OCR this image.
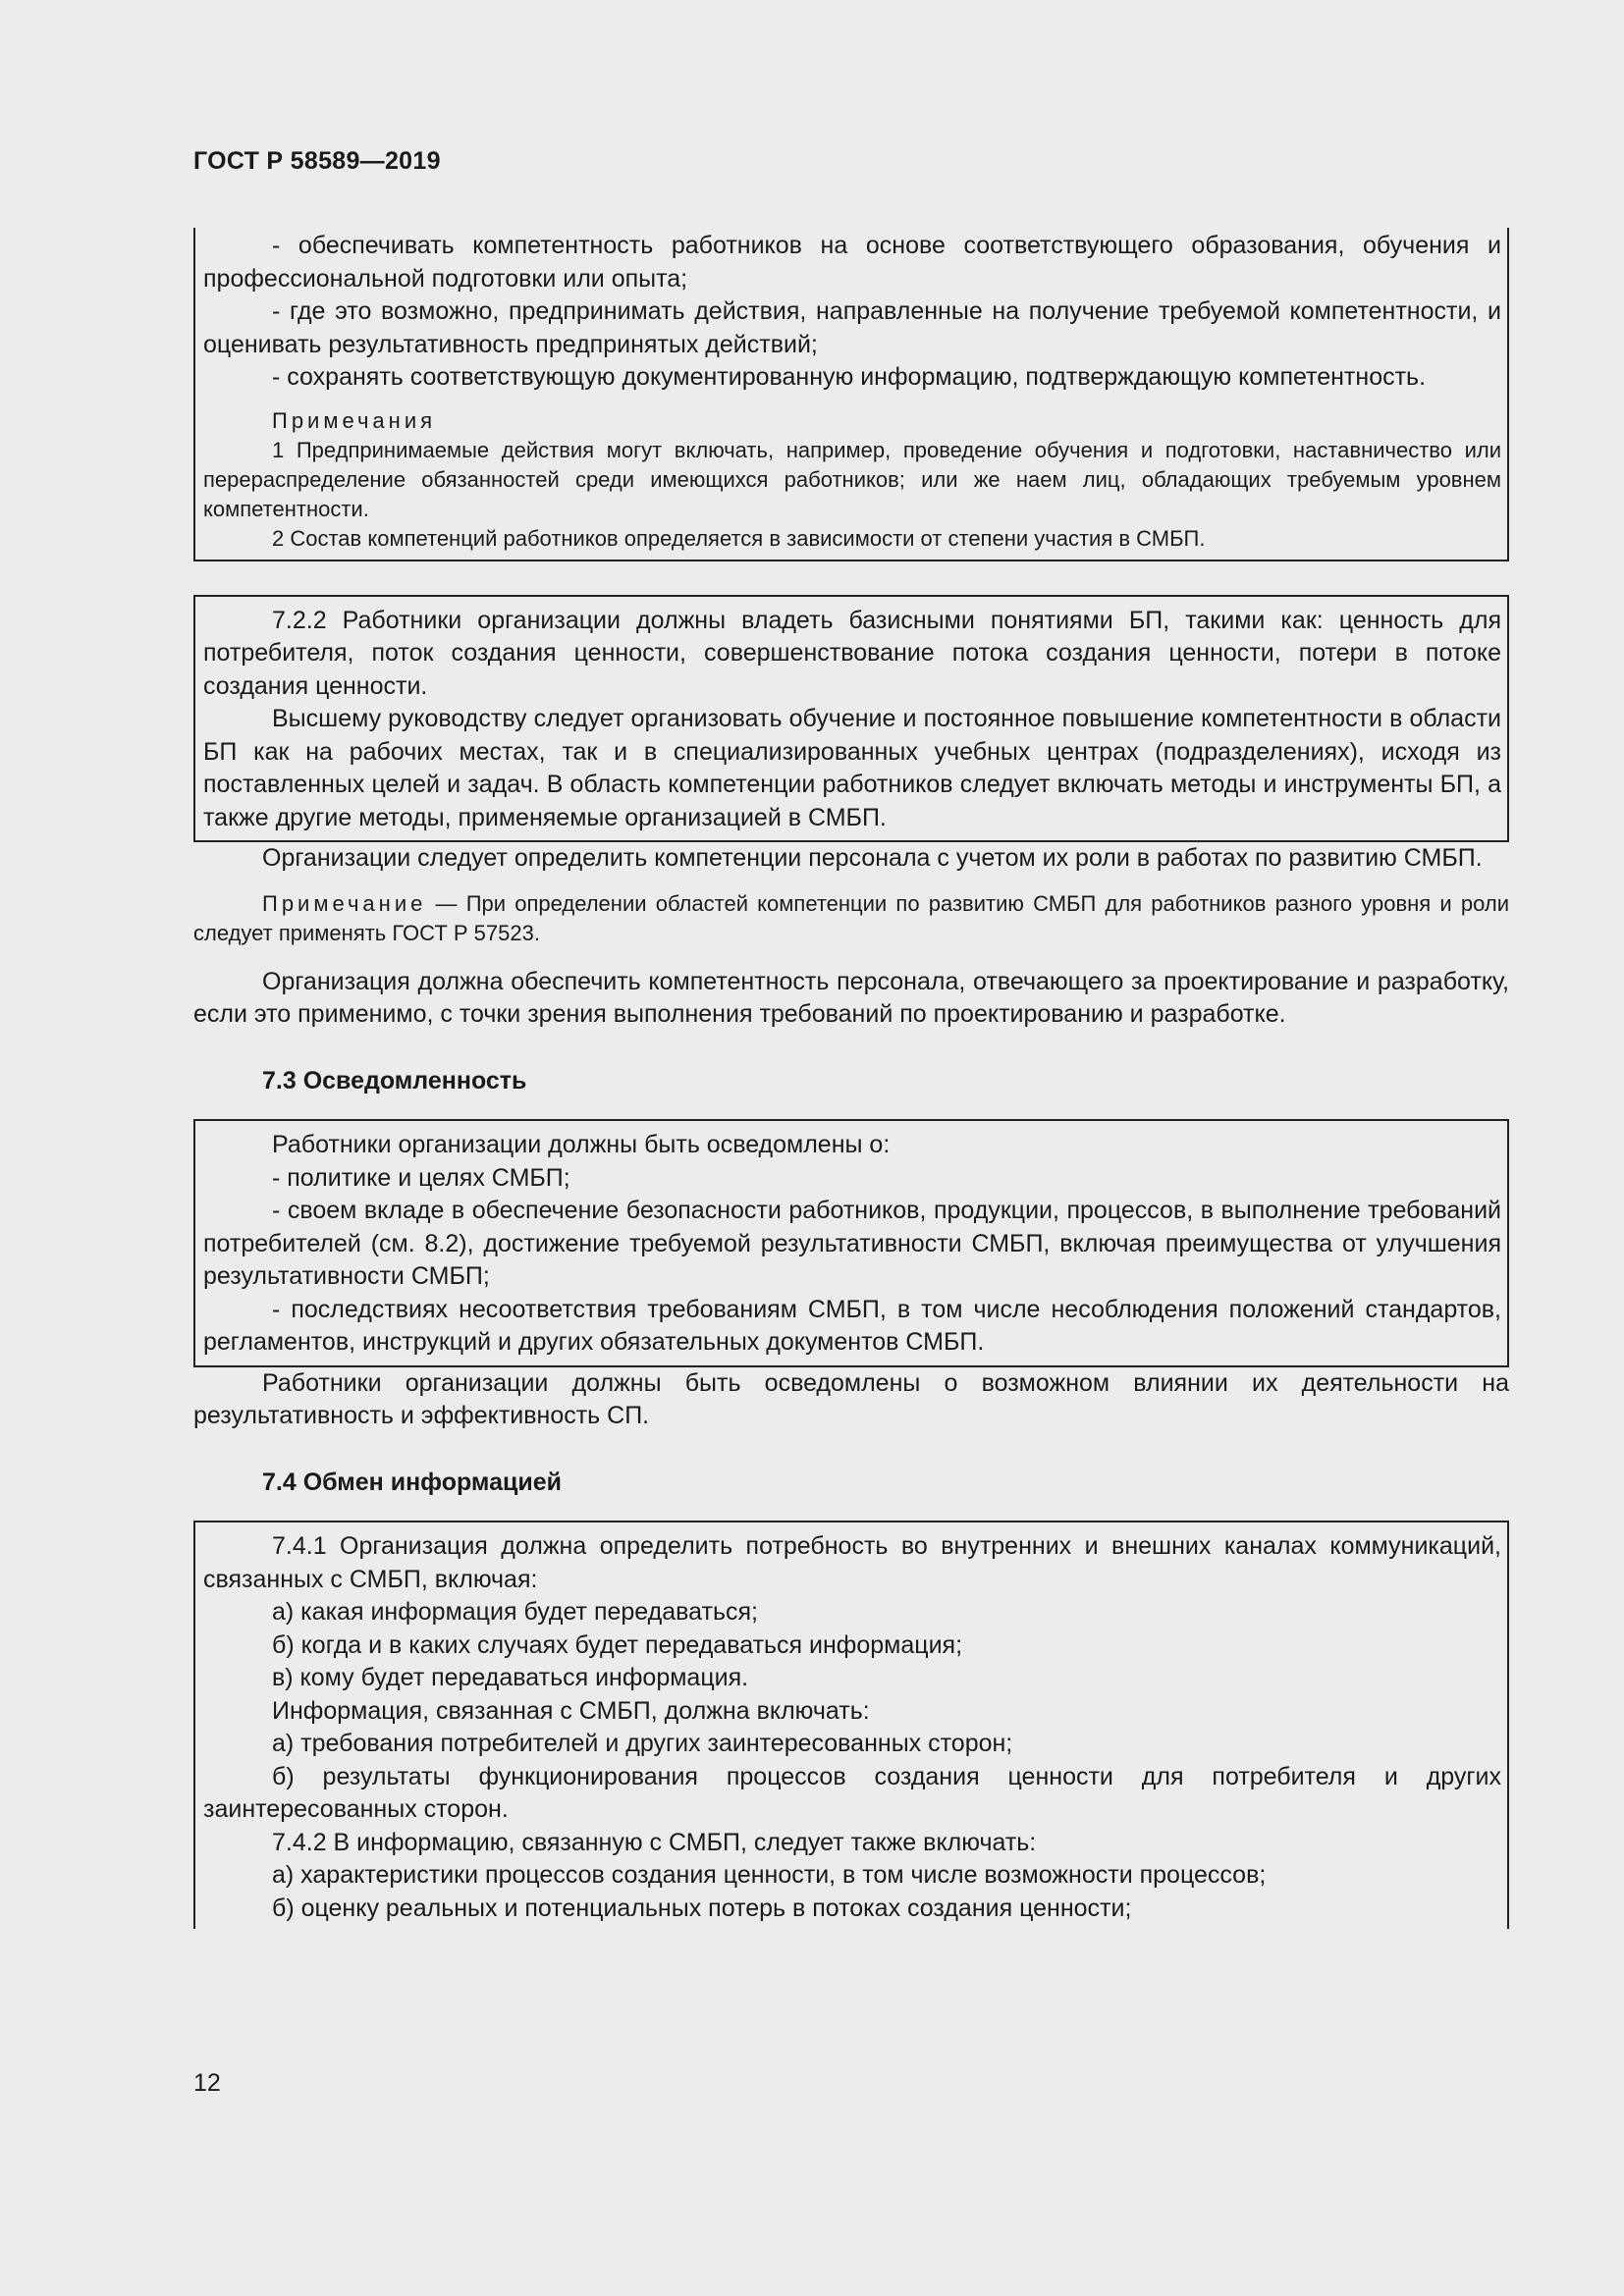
ГОСТ Р 58589—2019

- обеспечивать компетентность работников на основе соответствующего образования, обучения и профессиональной подготовки или опыта;

- где это возможно, предпринимать действия, направленные на получение требуемой компетентности, и оценивать результативность предпринятых действий;

- сохранять соответствующую документированную информацию, подтверждающую компетентность.

Примечания

1 Предпринимаемые действия могут включать, например, проведение обучения и подготовки, наставничество или перераспределение обязанностей среди имеющихся работников; или же наем лиц, обладающих требуемым уровнем компетентности.

2 Состав компетенций работников определяется в зависимости от степени участия в СМБП.

7.2.2 Работники организации должны владеть базисными понятиями БП, такими как: ценность для потребителя, поток создания ценности, совершенствование потока создания ценности, потери в потоке создания ценности.

Высшему руководству следует организовать обучение и постоянное повышение компетентности в области БП как на рабочих местах, так и в специализированных учебных центрах (подразделениях), исходя из поставленных целей и задач. В область компетенции работников следует включать методы и инструменты БП, а также другие методы, применяемые организацией в СМБП.

Организации следует определить компетенции персонала с учетом их роли в работах по развитию СМБП.

Примечание — При определении областей компетенции по развитию СМБП для работников разного уровня и роли следует применять ГОСТ Р 57523.

Организация должна обеспечить компетентность персонала, отвечающего за проектирование и разработку, если это применимо, с точки зрения выполнения требований по проектированию и разработке.

7.3 Осведомленность

Работники организации должны быть осведомлены о:

- политике и целях СМБП;

- своем вкладе в обеспечение безопасности работников, продукции, процессов, в выполнение требований потребителей (см. 8.2), достижение требуемой результативности СМБП, включая преимущества от улучшения результативности СМБП;

- последствиях несоответствия требованиям СМБП, в том числе несоблюдения положений стандартов, регламентов, инструкций и других обязательных документов СМБП.

Работники организации должны быть осведомлены о возможном влиянии их деятельности на результативность и эффективность СП.

7.4 Обмен информацией

7.4.1 Организация должна определить потребность во внутренних и внешних каналах коммуникаций, связанных с СМБП, включая:

а) какая информация будет передаваться;

б) когда и в каких случаях будет передаваться информация;

в) кому будет передаваться информация.

Информация, связанная с СМБП, должна включать:

а) требования потребителей и других заинтересованных сторон;

б) результаты функционирования процессов создания ценности для потребителя и других заинтересованных сторон.

7.4.2 В информацию, связанную с СМБП, следует также включать:

а) характеристики процессов создания ценности, в том числе возможности процессов;

б) оценку реальных и потенциальных потерь в потоках создания ценности;

12
